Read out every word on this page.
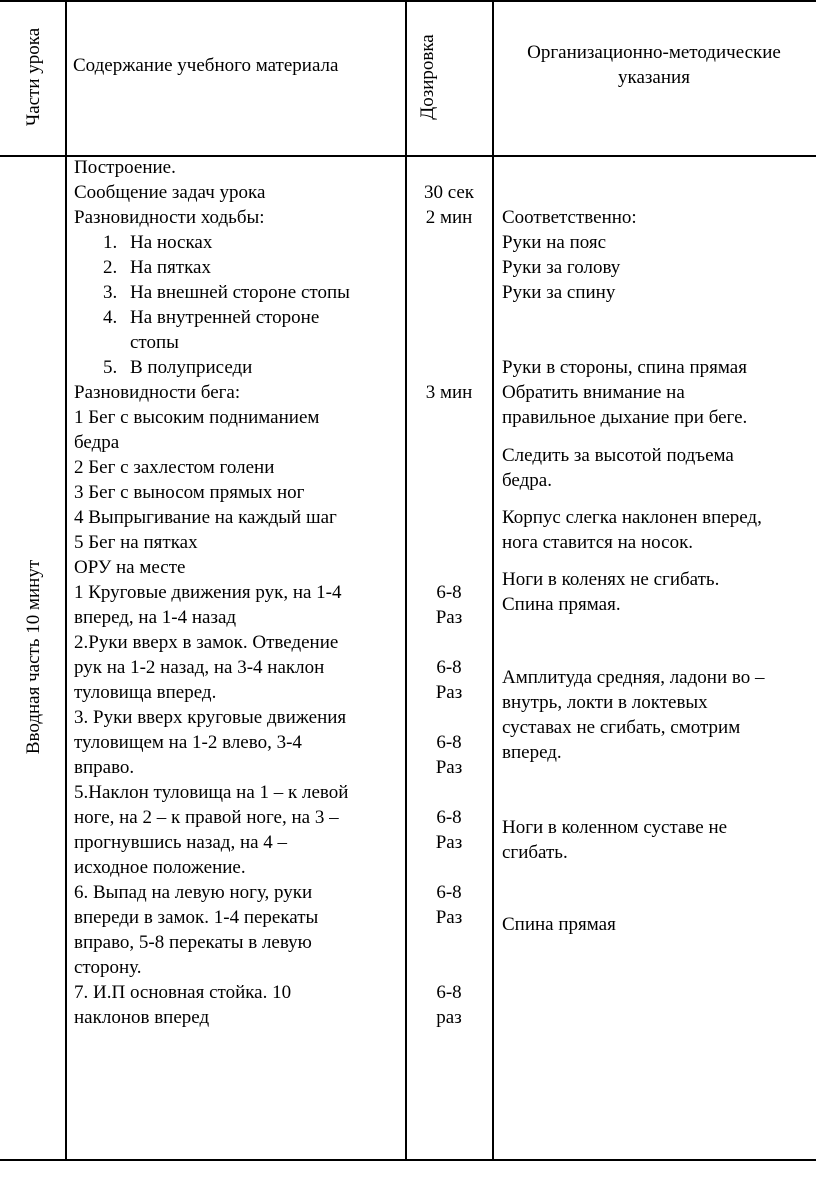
Части урока Содержание учебного материала	Дозировка	Организационно-методические
указания
Вводная часть 10 минут
Построение.
Сообщение задач урока
Разновидности ходьбы:
1. На носках
2. На пятках
3. На внешней стороне стопы
4. На внутренней стороне
стопы
5. В полуприседи
Разновидности бега:
1 Бег с высоким подниманием
бедра
2 Бег с захлестом голени
3 Бег с выносом прямых ног
4 Выпрыгивание на каждый шаг
5 Бег на пятках
ОРУ на месте
1 Круговые движения рук, на 1-4
вперед, на 1-4 назад
2.Руки вверх в замок. Отведение
рук на 1-2 назад, на 3-4 наклон
туловища вперед.
3. Руки вверх круговые движения
туловищем на 1-2 влево, 3-4
вправо.
5.Наклон туловища на 1 – к левой
ноге, на 2 – к правой ноге, на 3 –
прогнувшись назад, на 4 –
исходное положение.
6. Выпад на левую ногу, руки
впереди в замок. 1-4 перекаты
вправо, 5-8 перекаты в левую
сторону.
7. И.П основная стойка. 10
наклонов вперед
30 сек
2 мин
3 мин
6-8
Раз
6-8
Раз
6-8
Раз
6-8
Раз
6-8
Раз
6-8
раз
Соответственно:
Руки на пояс
Руки за голову
Руки за спину
Руки в стороны, спина прямая
Обратить внимание на
правильное дыхание при беге.
Следить за высотой подъема
бедра.
Корпус слегка наклонен вперед,
нога ставится на носок.
Ноги в коленях не сгибать.
Спина прямая.
Амплитуда средняя, ладони во –
внутрь, локти в локтевых
суставах не сгибать, смотрим
вперед.
Ноги в коленном суставе не
сгибать.
Спина прямая
